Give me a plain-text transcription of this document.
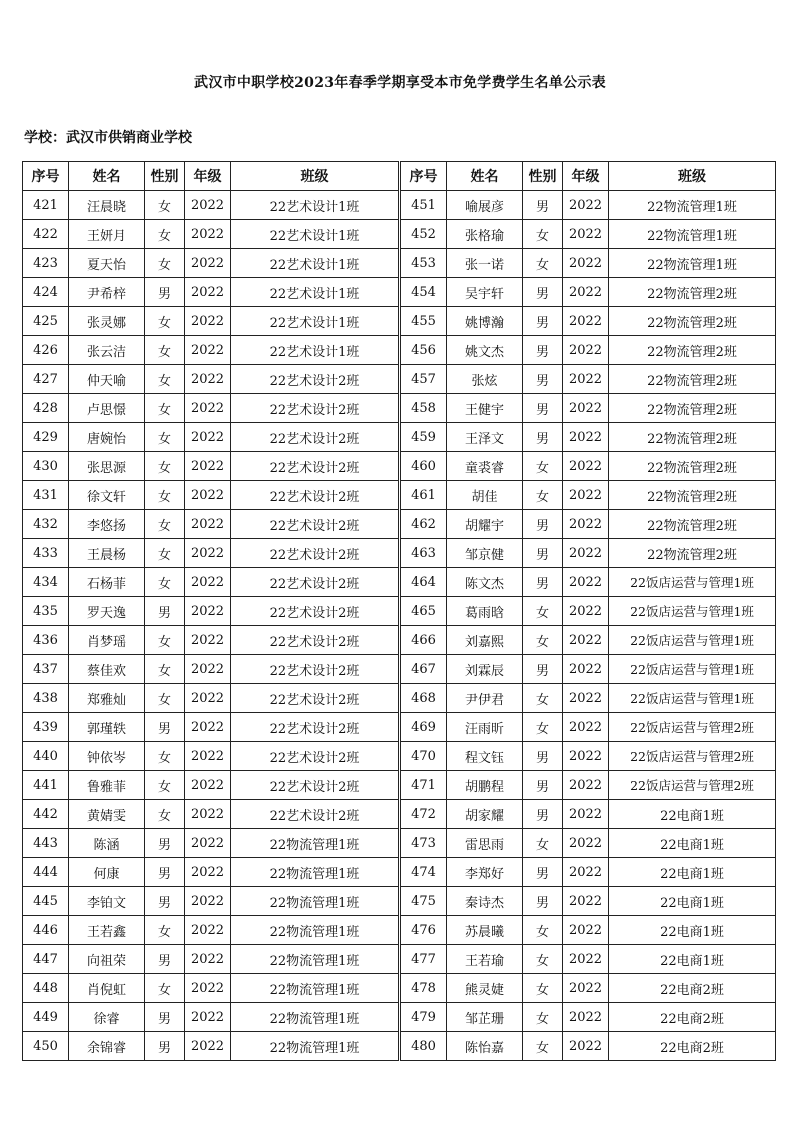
武汉市中职学校2023年春季学期享受本市免学费学生名单公示表
学校：武汉市供销商业学校
序号	姓名	性别	年级	班级
421	汪晨晓	女	2022	22艺术设计1班
422	王妍月	女	2022	22艺术设计1班
423	夏天怡	女	2022	22艺术设计1班
424	尹希梓	男	2022	22艺术设计1班
425	张灵娜	女	2022	22艺术设计1班
426	张云洁	女	2022	22艺术设计1班
427	仲天喻	女	2022	22艺术设计2班
428	卢思憬	女	2022	22艺术设计2班
429	唐婉怡	女	2022	22艺术设计2班
430	张思源	女	2022	22艺术设计2班
431	徐文轩	女	2022	22艺术设计2班
432	李悠扬	女	2022	22艺术设计2班
433	王晨杨	女	2022	22艺术设计2班
434	石杨菲	女	2022	22艺术设计2班
435	罗天逸	男	2022	22艺术设计2班
436	肖梦瑶	女	2022	22艺术设计2班
437	蔡佳欢	女	2022	22艺术设计2班
438	郑雅灿	女	2022	22艺术设计2班
439	郭瑾轶	男	2022	22艺术设计2班
440	钟依岑	女	2022	22艺术设计2班
441	鲁雅菲	女	2022	22艺术设计2班
442	黄婧雯	女	2022	22艺术设计2班
443	陈涵	男	2022	22物流管理1班
444	何康	男	2022	22物流管理1班
445	李铂文	男	2022	22物流管理1班
446	王若鑫	女	2022	22物流管理1班
447	向祖荣	男	2022	22物流管理1班
448	肖倪虹	女	2022	22物流管理1班
449	徐睿	男	2022	22物流管理1班
450	余锦睿	男	2022	22物流管理1班
序号	姓名	性别	年级	班级
451	喻展彦	男	2022	22物流管理1班
452	张格瑜	女	2022	22物流管理1班
453	张一诺	女	2022	22物流管理1班
454	吴宇轩	男	2022	22物流管理2班
455	姚博瀚	男	2022	22物流管理2班
456	姚文杰	男	2022	22物流管理2班
457	张炫	男	2022	22物流管理2班
458	王健宇	男	2022	22物流管理2班
459	王泽文	男	2022	22物流管理2班
460	童裘睿	女	2022	22物流管理2班
461	胡佳	女	2022	22物流管理2班
462	胡耀宇	男	2022	22物流管理2班
463	邹京健	男	2022	22物流管理2班
464	陈文杰	男	2022	22饭店运营与管理1班
465	葛雨晗	女	2022	22饭店运营与管理1班
466	刘嘉熙	女	2022	22饭店运营与管理1班
467	刘霖辰	男	2022	22饭店运营与管理1班
468	尹伊君	女	2022	22饭店运营与管理1班
469	汪雨昕	女	2022	22饭店运营与管理2班
470	程文钰	男	2022	22饭店运营与管理2班
471	胡鹏程	男	2022	22饭店运营与管理2班
472	胡家耀	男	2022	22电商1班
473	雷思雨	女	2022	22电商1班
474	李郑好	男	2022	22电商1班
475	秦诗杰	男	2022	22电商1班
476	苏晨曦	女	2022	22电商1班
477	王若瑜	女	2022	22电商1班
478	熊灵婕	女	2022	22电商2班
479	邹芷珊	女	2022	22电商2班
480	陈怡嘉	女	2022	22电商2班
